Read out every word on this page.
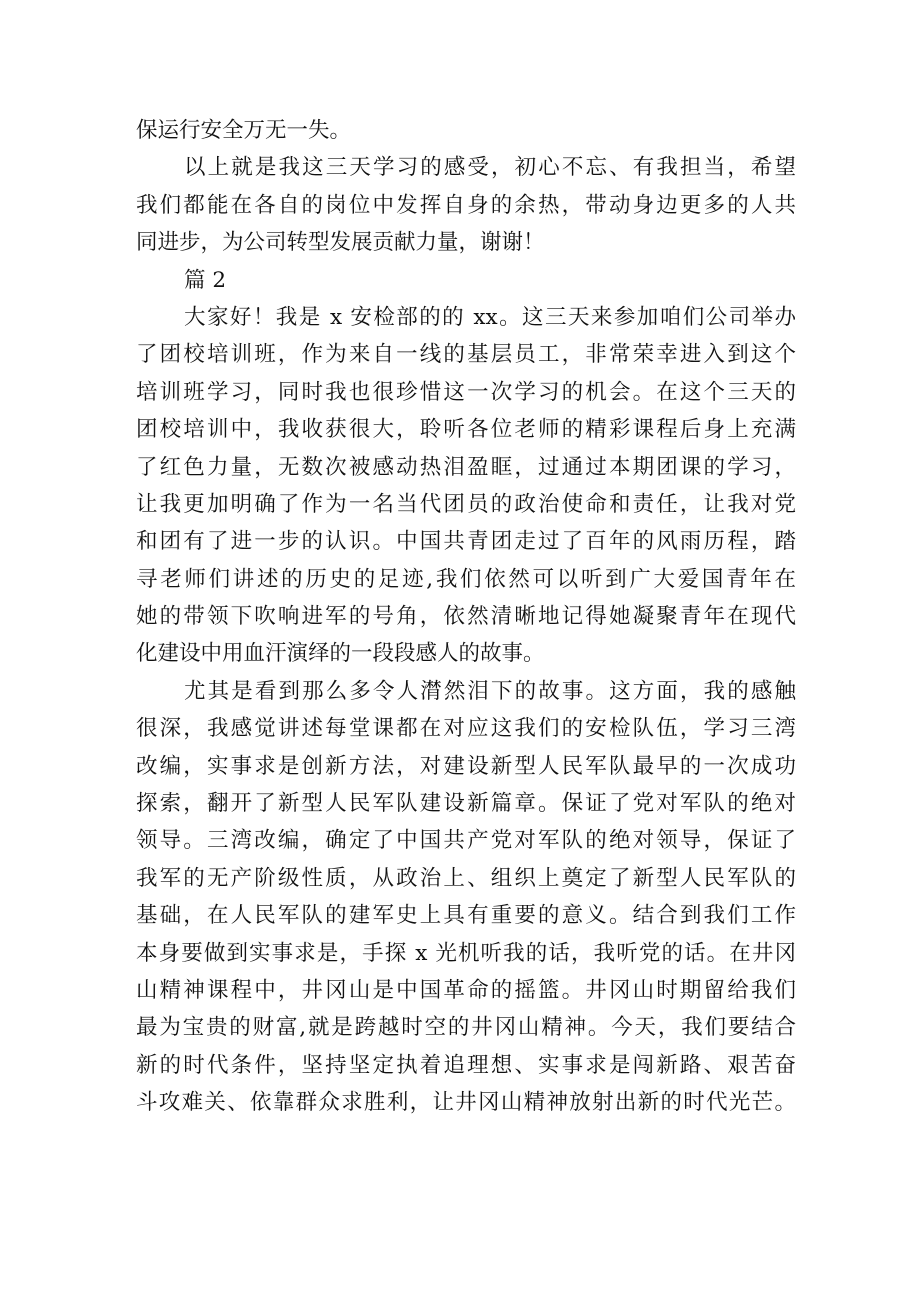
保运行安全万无一失。
以上就是我这三天学习的感受，初心不忘、有我担当，希望
我们都能在各自的岗位中发挥自身的余热，带动身边更多的人共
同进步，为公司转型发展贡献力量，谢谢！
篇 2
大家好！我是 x 安检部的的 xx。这三天来参加咱们公司举办
了团校培训班，作为来自一线的基层员工，非常荣幸进入到这个
培训班学习，同时我也很珍惜这一次学习的机会。在这个三天的
团校培训中，我收获很大，聆听各位老师的精彩课程后身上充满
了红色力量，无数次被感动热泪盈眶，过通过本期团课的学习，
让我更加明确了作为一名当代团员的政治使命和责任，让我对党
和团有了进一步的认识。中国共青团走过了百年的风雨历程，踏
寻老师们讲述的历史的足迹,我们依然可以听到广大爱国青年在
她的带领下吹响进军的号角，依然清晰地记得她凝聚青年在现代
化建设中用血汗演绎的一段段感人的故事。
尤其是看到那么多令人潸然泪下的故事。这方面，我的感触
很深，我感觉讲述每堂课都在对应这我们的安检队伍，学习三湾
改编，实事求是创新方法，对建设新型人民军队最早的一次成功
探索，翻开了新型人民军队建设新篇章。保证了党对军队的绝对
领导。三湾改编，确定了中国共产党对军队的绝对领导，保证了
我军的无产阶级性质，从政治上、组织上奠定了新型人民军队的
基础，在人民军队的建军史上具有重要的意义。结合到我们工作
本身要做到实事求是，手探 x 光机听我的话，我听党的话。在井冈
山精神课程中，井冈山是中国革命的摇篮。井冈山时期留给我们
最为宝贵的财富,就是跨越时空的井冈山精神。今天，我们要结合
新的时代条件，坚持坚定执着追理想、实事求是闯新路、艰苦奋
斗攻难关、依靠群众求胜利，让井冈山精神放射出新的时代光芒。
